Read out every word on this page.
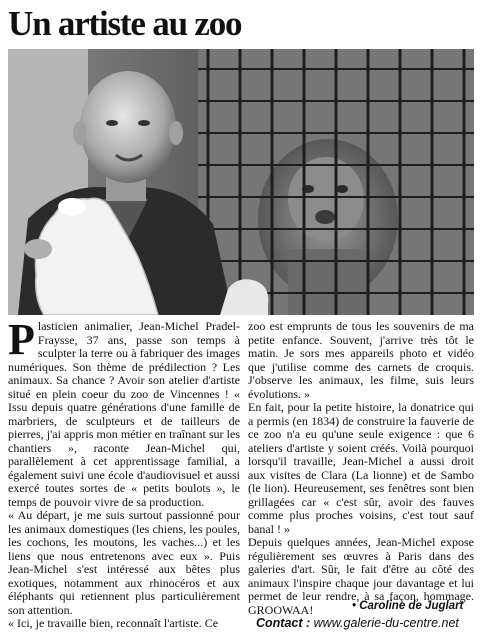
Un artiste au zoo

Plasticien animalier, Jean-Michel Pradel-Fraysse, 37 ans, passe son temps à sculpter la terre ou à fabriquer des images numériques. Son thème de prédilection ? Les animaux. Sa chance ? Avoir son atelier d'artiste situé en plein coeur du zoo de Vincennes ! « Issu depuis quatre générations d'une famille de marbriers, de sculpteurs et de tailleurs de pierres, j'ai appris mon métier en traînant sur les chantiers », raconte Jean-Michel qui, parallèlement à cet apprentissage familial, a également suivi une école d'audiovisuel et aussi exercé toutes sortes de « petits boulots », le temps de pouvoir vivre de sa production.

« Au départ, je me suis surtout passionné pour les animaux domestiques (les chiens, les poules, les cochons, les moutons, les vaches...) et les liens que nous entretenons avec eux ». Puis Jean-Michel s'est intéressé aux bêtes plus exotiques, notamment aux rhinocéros et aux éléphants qui retiennent plus particulièrement son attention.

« Ici, je travaille bien, reconnaît l'artiste. Ce

zoo est emprunts de tous les souvenirs de ma petite enfance. Souvent, j'arrive très tôt le matin. Je sors mes appareils photo et vidéo que j'utilise comme des carnets de croquis. J'observe les animaux, les filme, suis leurs évolutions. »

En fait, pour la petite histoire, la donatrice qui a permis (en 1834) de construire la fauverie de ce zoo n'a eu qu'une seule exigence : que 6 ateliers d'artiste y soient créés. Voilà pourquoi lorsqu'il travaille, Jean-Michel a aussi droit aux visites de Clara (La lionne) et de Sambo (le lion). Heureusement, ses fenêtres sont bien grillagées car « c'est sûr, avoir des fauves comme plus proches voisins, c'est tout sauf banal ! »

Depuis quelques années, Jean-Michel expose régulièrement ses œuvres à Paris dans des galeries d'art. Sûr, le fait d'être au côté des animaux l'inspire chaque jour davantage et lui permet de leur rendre, à sa façon, hommage. GROOWAA!	• Caroline de Juglart
Contact : www.galerie-du-centre.net
